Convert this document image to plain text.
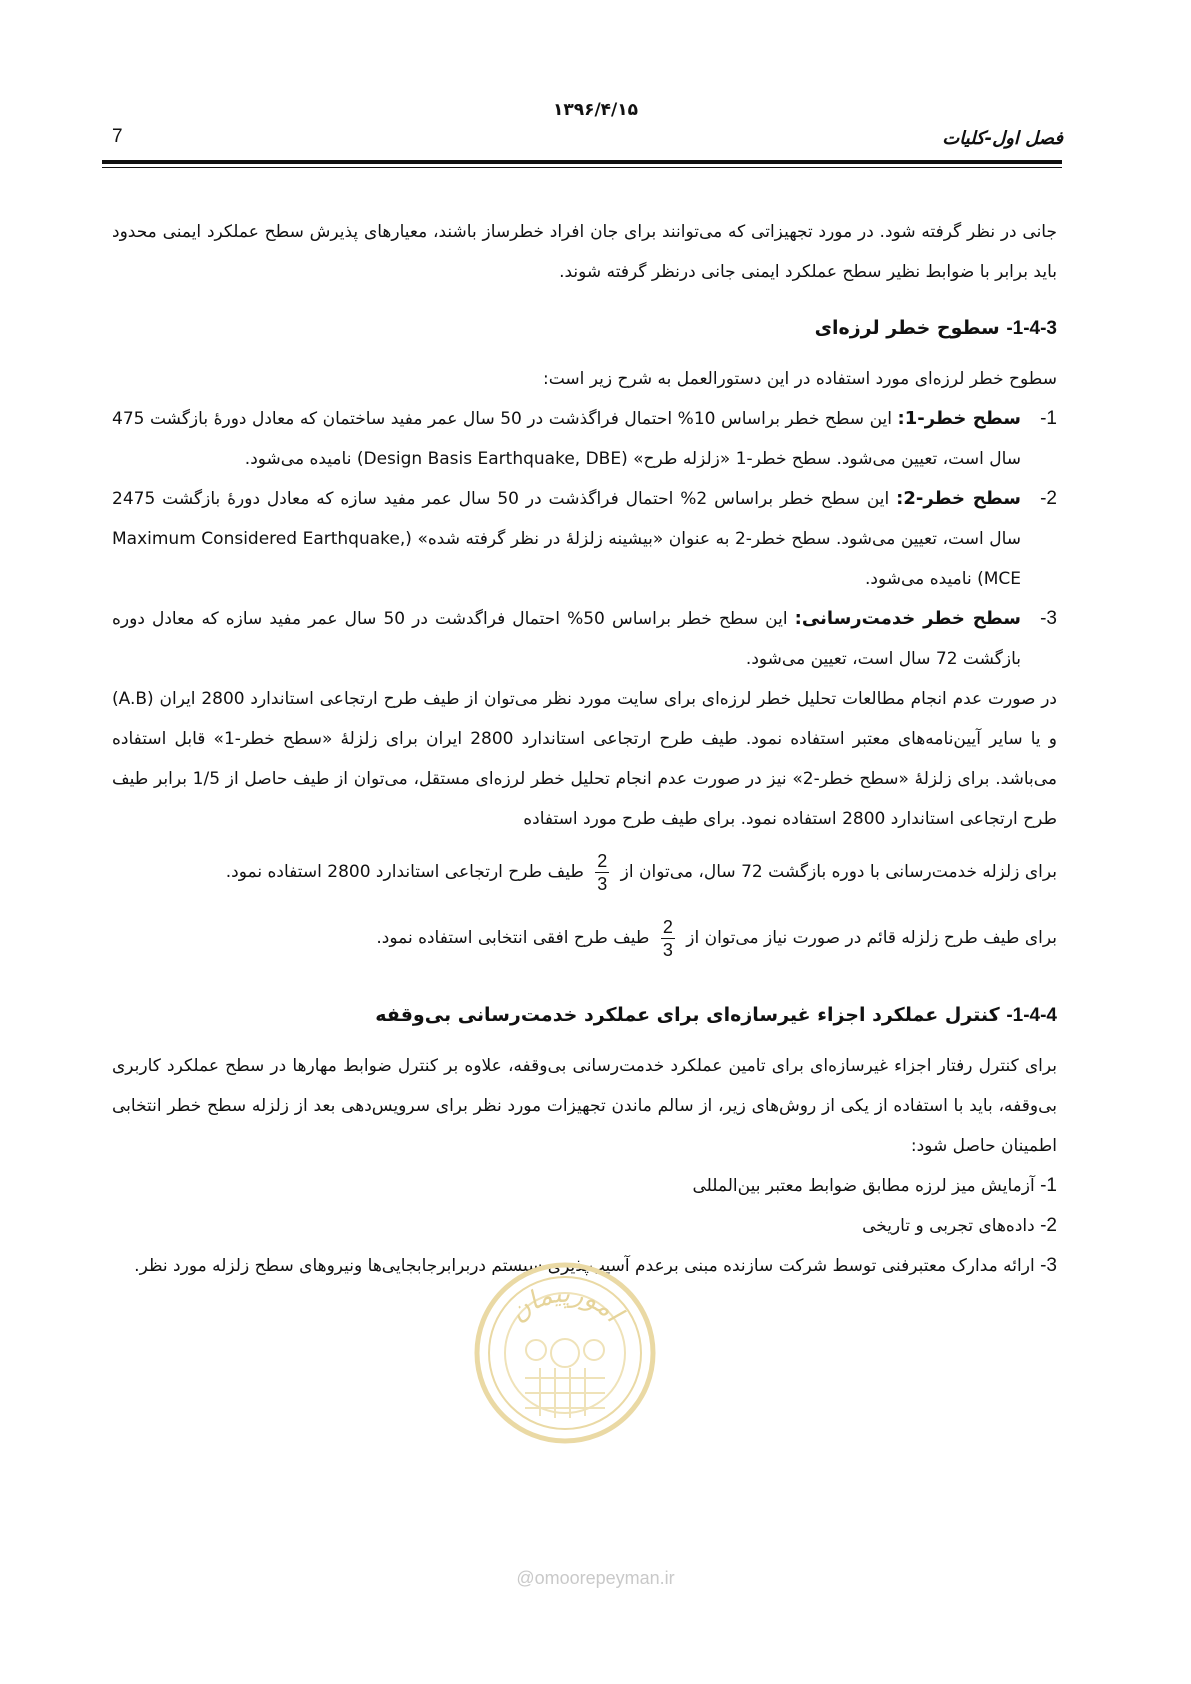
۱۳۹۶/۴/۱۵
7	فصل اول-کلیات

جانی در نظر گرفته شود. در مورد تجهیزاتی که می‌توانند برای جان افراد خطرساز باشند، معیارهای پذیرش سطح عملکرد ایمنی محدود باید برابر با ضوابط نظیر سطح عملکرد ایمنی جانی درنظر گرفته شوند.

1-4-3- سطوح خطر لرزه‌ای

سطوح خطر لرزه‌ای مورد استفاده در این دستورالعمل به شرح زیر است:

1-
سطح خطر-1: این سطح خطر براساس 10% احتمال فراگذشت در 50 سال عمر مفید ساختمان که معادل دورهٔ بازگشت 475 سال است، تعیین می‌شود. سطح خطر-1 «زلزله طرح» (Design Basis Earthquake, DBE) نامیده می‌شود.
2-
سطح خطر-2: این سطح خطر براساس 2% احتمال فراگذشت در 50 سال عمر مفید سازه که معادل دورهٔ بازگشت 2475 سال است، تعیین می‌شود. سطح خطر-2 به عنوان «بیشینه زلزلهٔ در نظر گرفته شده» (Maximum Considered Earthquake, MCE) نامیده می‌شود.
3-
سطح خطر خدمت‌رسانی: این سطح خطر براساس 50% احتمال فراگدشت در 50 سال عمر مفید سازه که معادل دوره بازگشت 72 سال است، تعیین می‌شود.

در صورت عدم انجام مطالعات تحلیل خطر لرزه‌ای برای سایت مورد نظر می‌توان از طیف طرح ارتجاعی استاندارد 2800 ایران (A.B) و یا سایر آیین‌نامه‌های معتبر استفاده نمود. طیف طرح ارتجاعی استاندارد 2800 ایران برای زلزلهٔ «سطح خطر-1» قابل استفاده می‌باشد. برای زلزلهٔ «سطح خطر-2» نیز در صورت عدم انجام تحلیل خطر لرزه‌ای مستقل، می‌توان از طیف حاصل از 1/5 برابر طیف طرح ارتجاعی استاندارد 2800 استفاده نمود. برای طیف طرح مورد استفاده

برای زلزله خدمت‌رسانی با دوره بازگشت 72 سال، می‌توان از
$\frac{2}{3}$
طیف طرح ارتجاعی استاندارد 2800 استفاده نمود.

برای طیف طرح زلزله قائم در صورت نیاز می‌توان از
$\frac{2}{3}$
طیف طرح افقی انتخابی استفاده نمود.

1-4-4- کنترل عملکرد اجزاء غیرسازه‌ای برای عملکرد خدمت‌رسانی بی‌وقفه

برای کنترل رفتار اجزاء غیرسازه‌ای برای تامین عملکرد خدمت‌رسانی بی‌وقفه، علاوه بر کنترل ضوابط مهارها در سطح عملکرد کاربری بی‌وقفه، باید با استفاده از یکی از روش‌های زیر، از سالم ماندن تجهیزات مورد نظر برای سرویس‌دهی بعد از زلزله سطح خطر انتخابی اطمینان حاصل شود:

1- آزمایش میز لرزه مطابق ضوابط معتبر بین‌المللی

2- داده‌های تجربی و تاریخی

3- ارائه مدارک معتبرفنی توسط شرکت سازنده مبنی برعدم آسیب‌پذیری سیستم دربرابرجابجایی‌ها ونیروهای سطح زلزله مورد نظر.

امورپیمان
@omoorepeyman.ir
